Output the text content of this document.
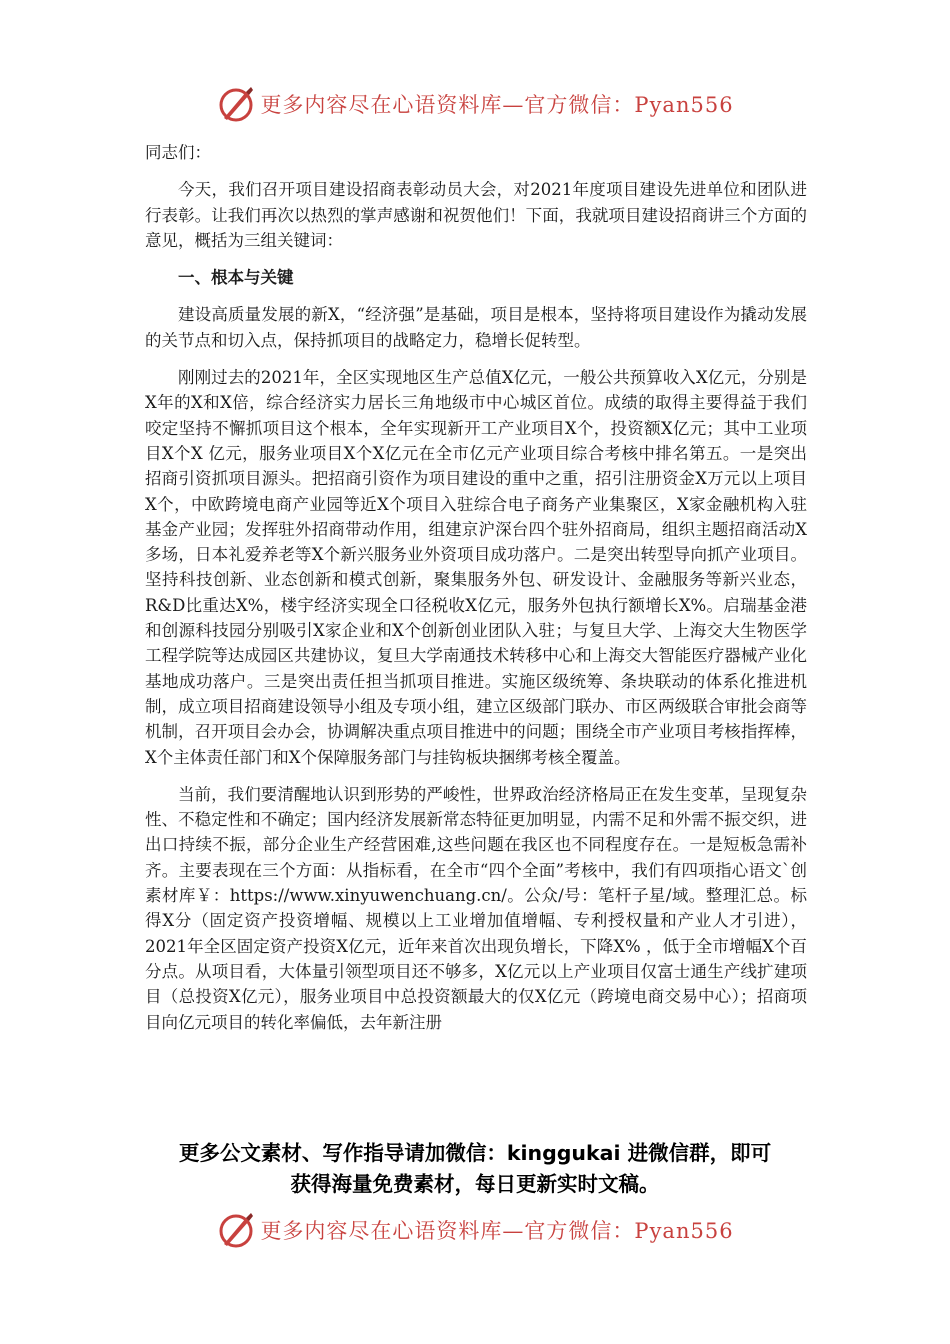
更多内容尽在心语资料库—官方微信：Pyan556

同志们：

今天，我们召开项目建设招商表彰动员大会，对2021年度项目建设先进单位和团队进行表彰。让我们再次以热烈的掌声感谢和祝贺他们！下面，我就项目建设招商讲三个方面的意见，概括为三组关键词：

一、根本与关键

建设高质量发展的新X，“经济强”是基础，项目是根本，坚持将项目建设作为撬动发展的关节点和切入点，保持抓项目的战略定力，稳增长促转型。

刚刚过去的2021年，全区实现地区生产总值X亿元，一般公共预算收入X亿元，分别是X年的X和X倍，综合经济实力居长三角地级市中心城区首位。成绩的取得主要得益于我们咬定坚持不懈抓项目这个根本，全年实现新开工产业项目X个，投资额X亿元；其中工业项目X个X 亿元，服务业项目X个X亿元在全市亿元产业项目综合考核中排名第五。一是突出招商引资抓项目源头。把招商引资作为项目建设的重中之重，招引注册资金X万元以上项目X个，中欧跨境电商产业园等近X个项目入驻综合电子商务产业集聚区，X家金融机构入驻基金产业园；发挥驻外招商带动作用，组建京沪深台四个驻外招商局，组织主题招商活动X多场，日本礼爱养老等X个新兴服务业外资项目成功落户。二是突出转型导向抓产业项目。坚持科技创新、业态创新和模式创新，聚集服务外包、研发设计、金融服务等新兴业态，R&D比重达X%，楼宇经济实现全口径税收X亿元，服务外包执行额增长X%。启瑞基金港和创源科技园分别吸引X家企业和X个创新创业团队入驻；与复旦大学、上海交大生物医学工程学院等达成园区共建协议，复旦大学南通技术转移中心和上海交大智能医疗器械产业化基地成功落户。三是突出责任担当抓项目推进。实施区级统筹、条块联动的体系化推进机制，成立项目招商建设领导小组及专项小组，建立区级部门联办、市区两级联合审批会商等机制，召开项目会办会，协调解决重点项目推进中的问题；围绕全市产业项目考核指挥棒，X个主体责任部门和X个保障服务部门与挂钩板块捆绑考核全覆盖。

当前，我们要清醒地认识到形势的严峻性，世界政治经济格局正在发生变革，呈现复杂性、不稳定性和不确定；国内经济发展新常态特征更加明显，内需不足和外需不振交织，进出口持续不振，部分企业生产经营困难,这些问题在我区也不同程度存在。一是短板急需补齐。主要表现在三个方面：从指标看，在全市“四个全面”考核中，我们有四项指心语文`创素材库￥：https://www.xinyuwenchuang.cn/。公众/号：笔杆子星/域。整理汇总。标得X分（固定资产投资增幅、规模以上工业增加值增幅、专利授权量和产业人才引进），2021年全区固定资产投资X亿元，近年来首次出现负增长，下降X% ，低于全市增幅X个百分点。从项目看，大体量引领型项目还不够多，X亿元以上产业项目仅富士通生产线扩建项目（总投资X亿元），服务业项目中总投资额最大的仅X亿元（跨境电商交易中心）；招商项目向亿元项目的转化率偏低，去年新注册

更多公文素材、写作指导请加微信：kinggukai 进微信群，即可
获得海量免费素材，每日更新实时文稿。
更多内容尽在心语资料库—官方微信：Pyan556
